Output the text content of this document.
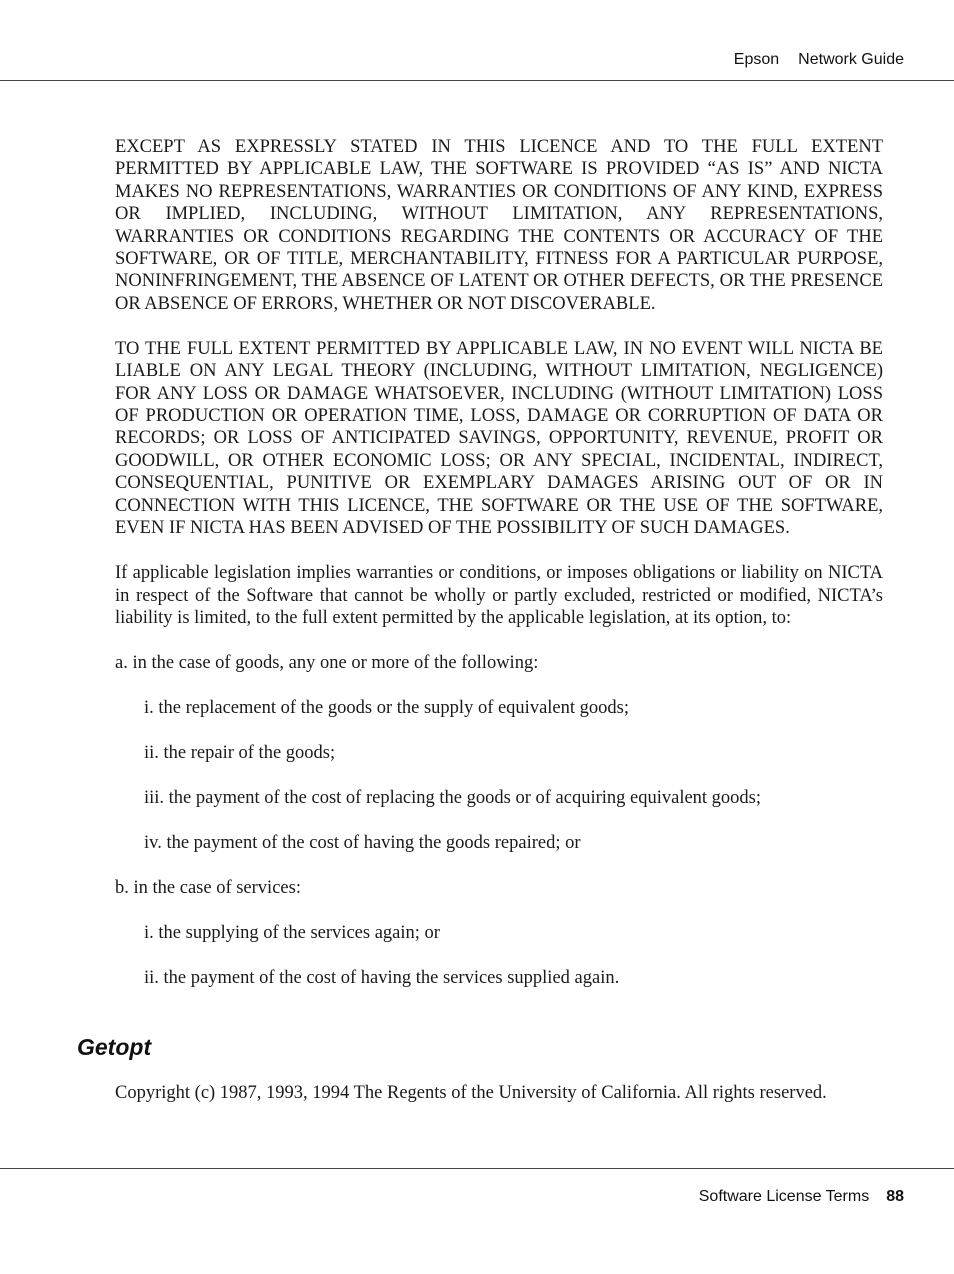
Epson Network Guide

EXCEPT AS EXPRESSLY STATED IN THIS LICENCE AND TO THE FULL EXTENT PERMITTED BY APPLICABLE LAW, THE SOFTWARE IS PROVIDED “AS IS” AND NICTA MAKES NO REPRESENTATIONS, WARRANTIES OR CONDITIONS OF ANY KIND, EXPRESS OR IMPLIED, INCLUDING, WITHOUT LIMITATION, ANY REPRESENTATIONS, WARRANTIES OR CONDITIONS REGARDING THE CONTENTS OR ACCURACY OF THE SOFTWARE, OR OF TITLE, MERCHANTABILITY, FITNESS FOR A PARTICULAR PURPOSE, NONINFRINGEMENT, THE ABSENCE OF LATENT OR OTHER DEFECTS, OR THE PRESENCE OR ABSENCE OF ERRORS, WHETHER OR NOT DISCOVERABLE.

TO THE FULL EXTENT PERMITTED BY APPLICABLE LAW, IN NO EVENT WILL NICTA BE LIABLE ON ANY LEGAL THEORY (INCLUDING, WITHOUT LIMITATION, NEGLIGENCE) FOR ANY LOSS OR DAMAGE WHATSOEVER, INCLUDING (WITHOUT LIMITATION) LOSS OF PRODUCTION OR OPERATION TIME, LOSS, DAMAGE OR CORRUPTION OF DATA OR RECORDS; OR LOSS OF ANTICIPATED SAVINGS, OPPORTUNITY, REVENUE, PROFIT OR GOODWILL, OR OTHER ECONOMIC LOSS; OR ANY SPECIAL, INCIDENTAL, INDIRECT, CONSEQUENTIAL, PUNITIVE OR EXEMPLARY DAMAGES ARISING OUT OF OR IN CONNECTION WITH THIS LICENCE, THE SOFTWARE OR THE USE OF THE SOFTWARE, EVEN IF NICTA HAS BEEN ADVISED OF THE POSSIBILITY OF SUCH DAMAGES.

If applicable legislation implies warranties or conditions, or imposes obligations or liability on NICTA in respect of the Software that cannot be wholly or partly excluded, restricted or modified, NICTA’s liability is limited, to the full extent permitted by the applicable legislation, at its option, to:

a. in the case of goods, any one or more of the following:

i. the replacement of the goods or the supply of equivalent goods;

ii. the repair of the goods;

iii. the payment of the cost of replacing the goods or of acquiring equivalent goods;

iv. the payment of the cost of having the goods repaired; or

b. in the case of services:

i. the supplying of the services again; or

ii. the payment of the cost of having the services supplied again.

Getopt

Copyright (c) 1987, 1993, 1994 The Regents of the University of California. All rights reserved.

Software License Terms 88
